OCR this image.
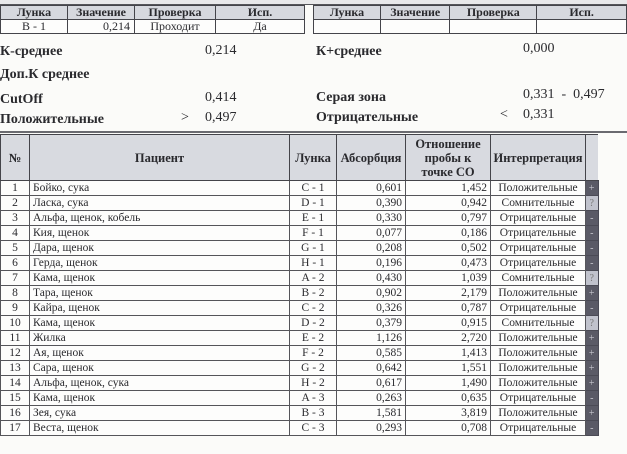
Лунка	Значение	Проверка	Исп.
B - 1	0,214	Проходит	Да
Лунка	Значение	Проверка	Исп.

К-среднее	0,214	К+среднее	0,000
Доп.К среднее
CutOff	0,414	Серая зона	0,331  -  0,497
Положительные	> 0,497	Отрицательные	< 0,331
№	Пациент	Лунка	Абсорбция	Отношение пробы к точке СО	Интерпретация	
1	Бойко, сука	C - 1	0,601	1,452	Положительные	+
2	Ласка, сука	D - 1	0,390	0,942	Сомнительные	?
3	Альфа, щенок, кобель	E - 1	0,330	0,797	Отрицательные	-
4	Кия, щенок	F - 1	0,077	0,186	Отрицательные	-
5	Дара, щенок	G - 1	0,208	0,502	Отрицательные	-
6	Герда, щенок	H - 1	0,196	0,473	Отрицательные	-
7	Кама, щенок	A - 2	0,430	1,039	Сомнительные	?
8	Тара, щенок	B - 2	0,902	2,179	Положительные	+
9	Кайра, щенок	C - 2	0,326	0,787	Отрицательные	-
10	Кама, щенок	D - 2	0,379	0,915	Сомнительные	?
11	Жилка	E - 2	1,126	2,720	Положительные	+
12	Ая, щенок	F - 2	0,585	1,413	Положительные	+
13	Сара, щенок	G - 2	0,642	1,551	Положительные	+
14	Альфа, щенок, сука	H - 2	0,617	1,490	Положительные	+
15	Кама, щенок	A - 3	0,263	0,635	Отрицательные	-
16	Зея, сука	B - 3	1,581	3,819	Положительные	+
17	Веста, щенок	C - 3	0,293	0,708	Отрицательные	-
